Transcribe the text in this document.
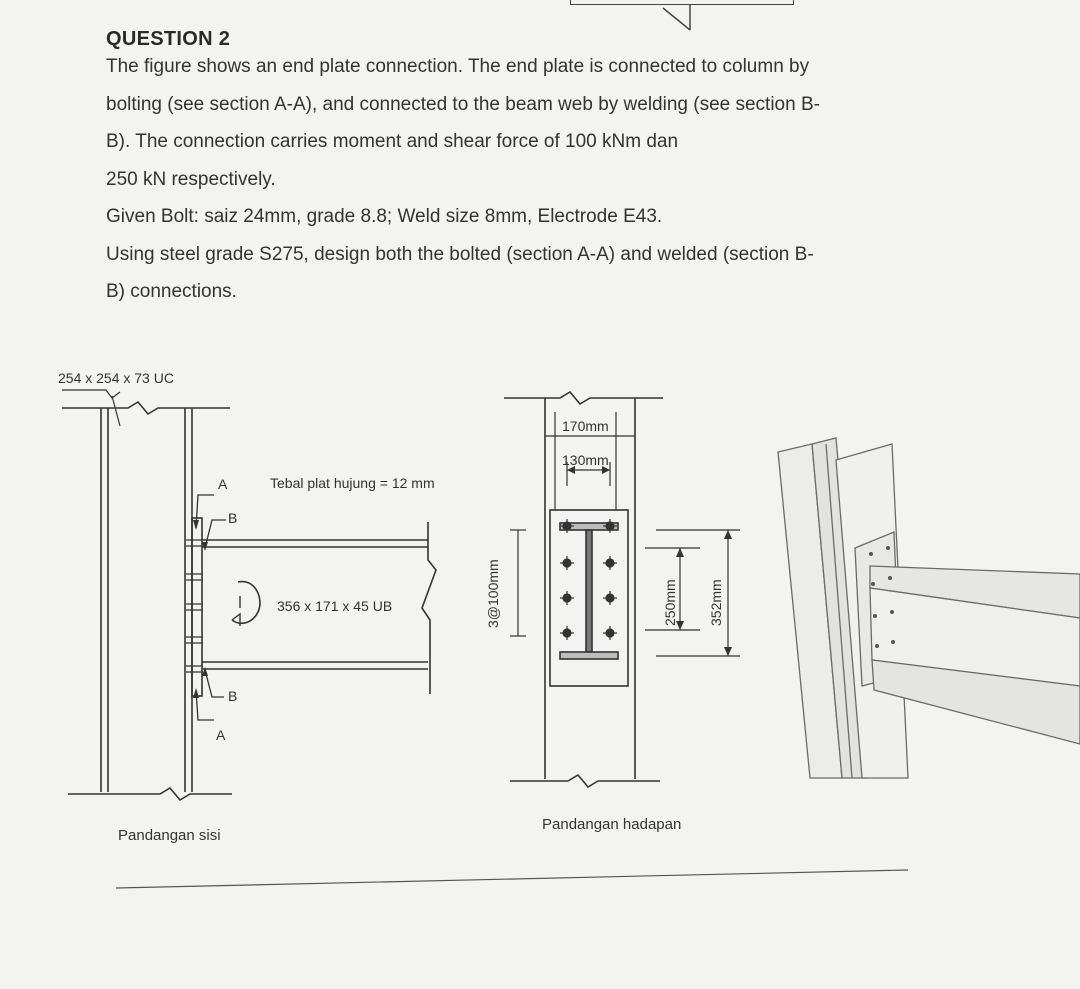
QUESTION 2
The figure shows an end plate connection. The end plate is connected to column by
bolting (see section A-A), and connected to the beam web by welding (see section B-
B). The connection carries moment and shear force of 100 kNm dan
250 kN respectively.
Given Bolt: saiz 24mm, grade 8.8; Weld size 8mm, Electrode E43.
Using steel grade S275, design both the bolted (section A-A) and welded (section B-
B) connections.
254 x 254 x 73 UC
A
B
Tebal plat hujung = 12 mm
356 x 171 x 45 UB
B
A
Pandangan sisi
170mm
130mm
3@100mm	250mm 352mm
Pandangan hadapan
